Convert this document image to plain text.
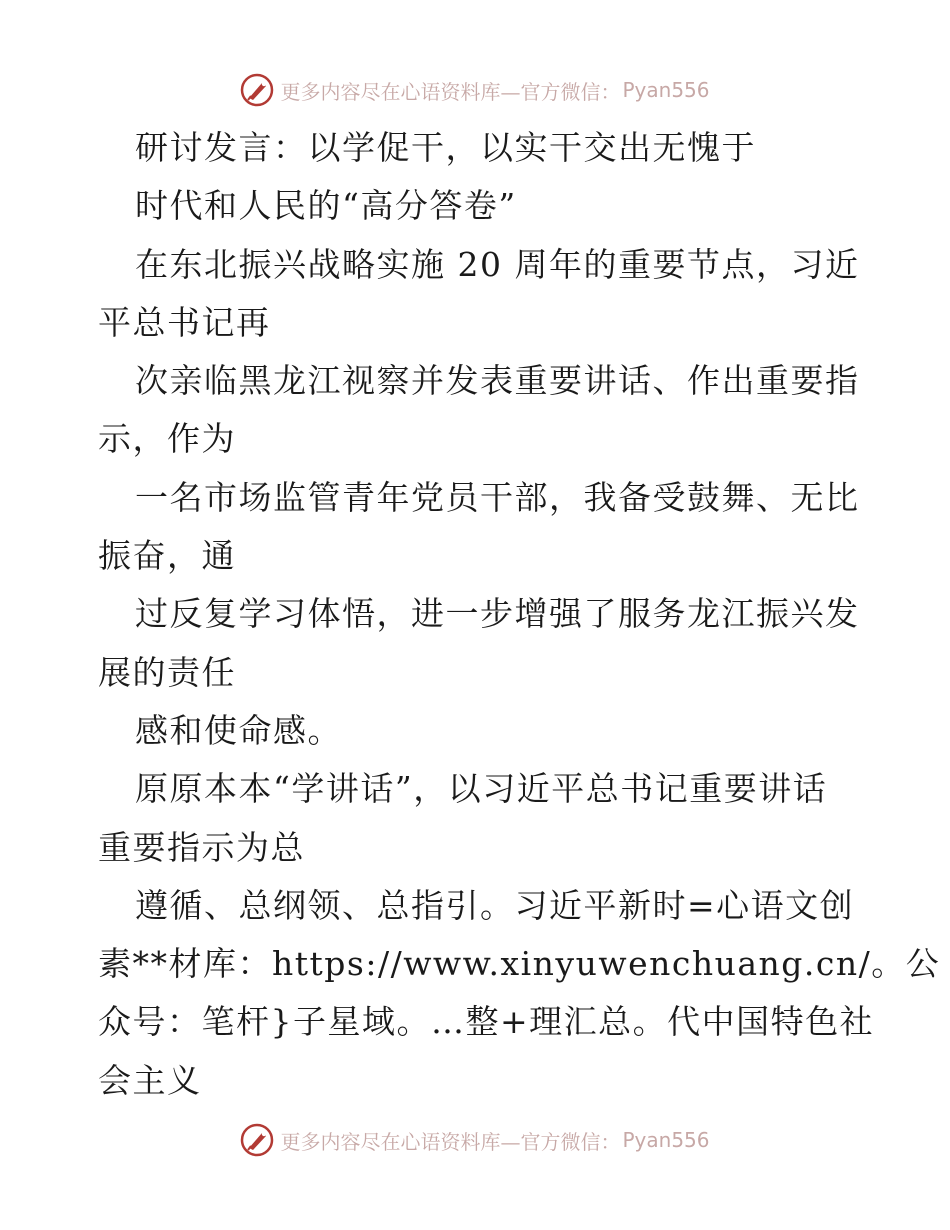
更多内容尽在心语资料库—官方微信： Pyan556
研讨发言：以学促干，以实干交出无愧于
时代和人民的“高分答卷”
在东北振兴战略实施 20 周年的重要节点，习近
平总书记再
次亲临黑龙江视察并发表重要讲话、作出重要指
示，作为
一名市场监管青年党员干部，我备受鼓舞、无比
振奋，通
过反复学习体悟，进一步增强了服务龙江振兴发
展的责任
感和使命感。
原原本本“学讲话”，以习近平总书记重要讲话
重要指示为总
遵循、总纲领、总指引。习近平新时=心语文创
素**材库：https://www.xinyuwenchuang.cn/。公
众号：笔杆}子星域。…整+理汇总。代中国特色社
会主义
更多内容尽在心语资料库—官方微信： Pyan556
